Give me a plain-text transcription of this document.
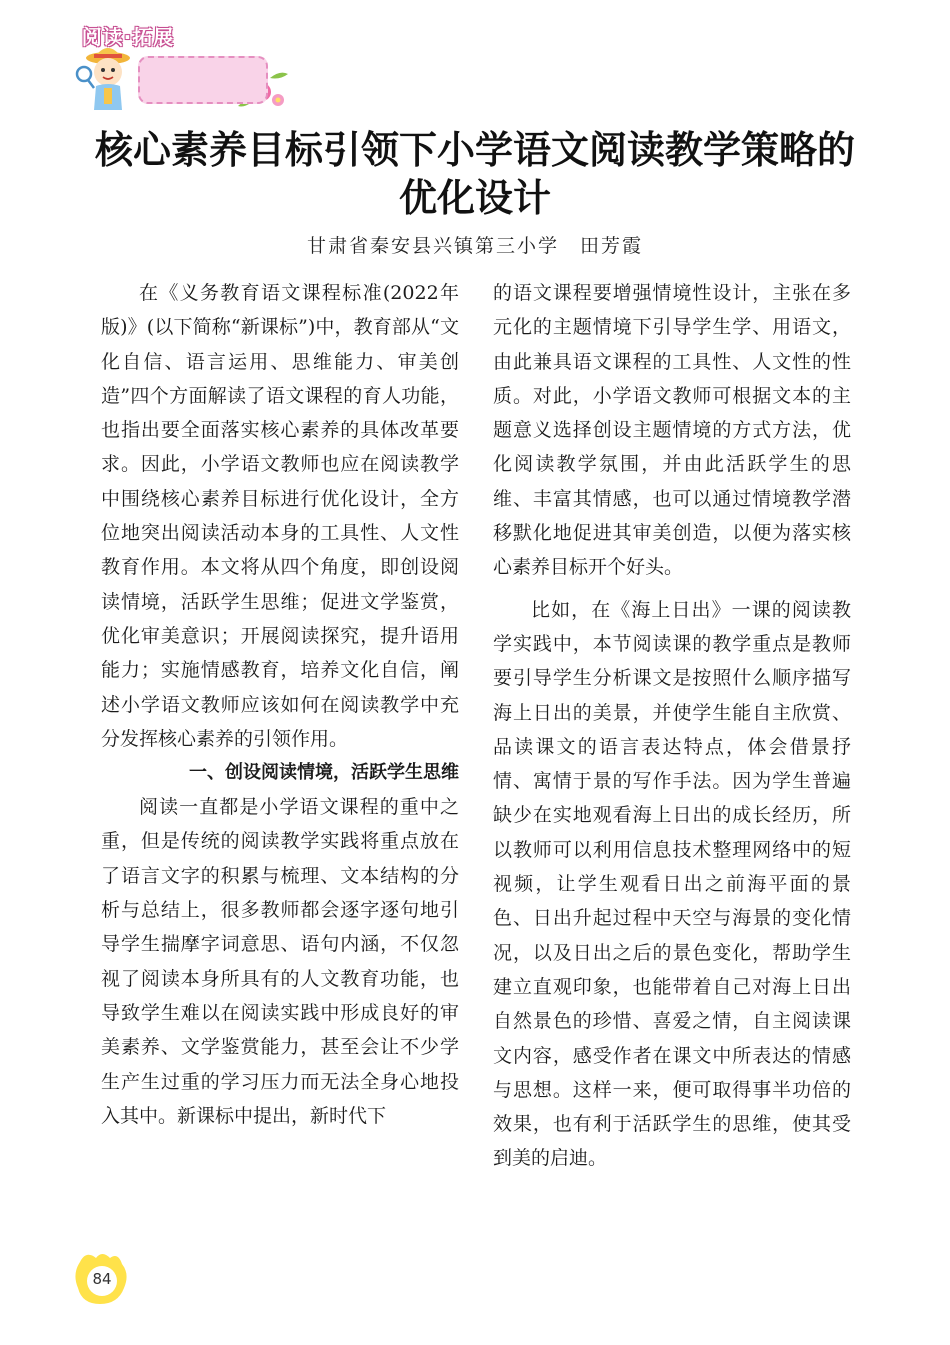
阅读·拓展
核心素养目标引领下小学语文阅读教学策略的
优化设计
甘肃省秦安县兴镇第三小学　田芳霞

在《义务教育语文课程标准(2022年版)》(以下简称“新课标”)中，教育部从“文化自信、语言运用、思维能力、审美创造”四个方面解读了语文课程的育人功能，也指出要全面落实核心素养的具体改革要求。因此，小学语文教师也应在阅读教学中围绕核心素养目标进行优化设计，全方位地突出阅读活动本身的工具性、人文性教育作用。本文将从四个角度，即创设阅读情境，活跃学生思维；促进文学鉴赏，优化审美意识；开展阅读探究，提升语用能力；实施情感教育，培养文化自信，阐述小学语文教师应该如何在阅读教学中充分发挥核心素养的引领作用。

一、创设阅读情境，活跃学生思维

阅读一直都是小学语文课程的重中之重，但是传统的阅读教学实践将重点放在了语言文字的积累与梳理、文本结构的分析与总结上，很多教师都会逐字逐句地引导学生揣摩字词意思、语句内涵，不仅忽视了阅读本身所具有的人文教育功能，也导致学生难以在阅读实践中形成良好的审美素养、文学鉴赏能力，甚至会让不少学生产生过重的学习压力而无法全身心地投入其中。新课标中提出，新时代下

的语文课程要增强情境性设计，主张在多元化的主题情境下引导学生学、用语文，由此兼具语文课程的工具性、人文性的性质。对此，小学语文教师可根据文本的主题意义选择创设主题情境的方式方法，优化阅读教学氛围，并由此活跃学生的思维、丰富其情感，也可以通过情境教学潜移默化地促进其审美创造，以便为落实核心素养目标开个好头。

比如，在《海上日出》一课的阅读教学实践中，本节阅读课的教学重点是教师要引导学生分析课文是按照什么顺序描写海上日出的美景，并使学生能自主欣赏、品读课文的语言表达特点，体会借景抒情、寓情于景的写作手法。因为学生普遍缺少在实地观看海上日出的成长经历，所以教师可以利用信息技术整理网络中的短视频，让学生观看日出之前海平面的景色、日出升起过程中天空与海景的变化情况，以及日出之后的景色变化，帮助学生建立直观印象，也能带着自己对海上日出自然景色的珍惜、喜爱之情，自主阅读课文内容，感受作者在课文中所表达的情感与思想。这样一来，便可取得事半功倍的效果，也有利于活跃学生的思维，使其受到美的启迪。

84
